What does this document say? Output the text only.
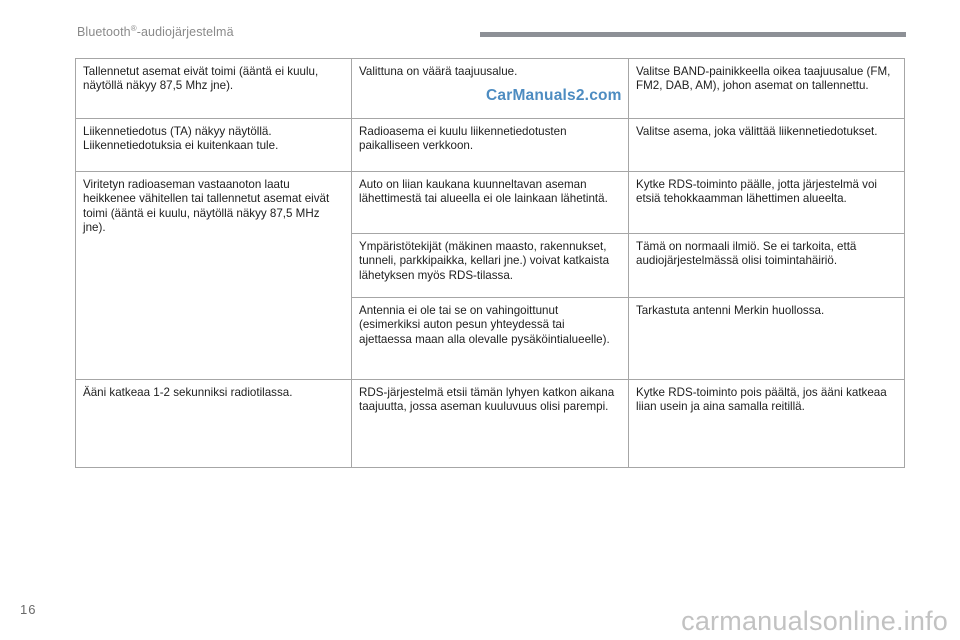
Bluetooth®-audiojärjestelmä
Tallennetut asemat eivät toimi (ääntä ei kuulu, näytöllä näkyy 87,5 Mhz jne).	Valittuna on väärä taajuusalue.	Valitse BAND-painikkeella oikea taajuusalue (FM, FM2, DAB, AM), johon asemat on tallennettu.
Liikennetiedotus (TA) näkyy näytöllä. Liikennetiedotuksia ei kuitenkaan tule.	Radioasema ei kuulu liikennetiedotusten paikalliseen verkkoon.	Valitse asema, joka välittää liikennetiedotukset.
Viritetyn radioaseman vastaanoton laatu heikkenee vähitellen tai tallennetut asemat eivät toimi (ääntä ei kuulu, näytöllä näkyy 87,5 MHz jne).	Auto on liian kaukana kuunneltavan aseman lähettimestä tai alueella ei ole lainkaan lähetintä.	Kytke RDS-toiminto päälle, jotta järjestelmä voi etsiä tehokkaamman lähettimen alueelta.
	Ympäristötekijät (mäkinen maasto, rakennukset, tunneli, parkkipaikka, kellari jne.) voivat katkaista lähetyksen myös RDS-tilassa.	Tämä on normaali ilmiö. Se ei tarkoita, että audiojärjestelmässä olisi toimintahäiriö.
	Antennia ei ole tai se on vahingoittunut (esimerkiksi auton pesun yhteydessä tai ajettaessa maan alla olevalle pysäköintialueelle).	Tarkastuta antenni Merkin huollossa.
Ääni katkeaa 1-2 sekunniksi radiotilassa.	RDS-järjestelmä etsii tämän lyhyen katkon aikana taajuutta, jossa aseman kuuluvuus olisi parempi.	Kytke RDS-toiminto pois päältä, jos ääni katkeaa liian usein ja aina samalla reitillä.
CarManuals2.com
16	carmanualsonline.info
